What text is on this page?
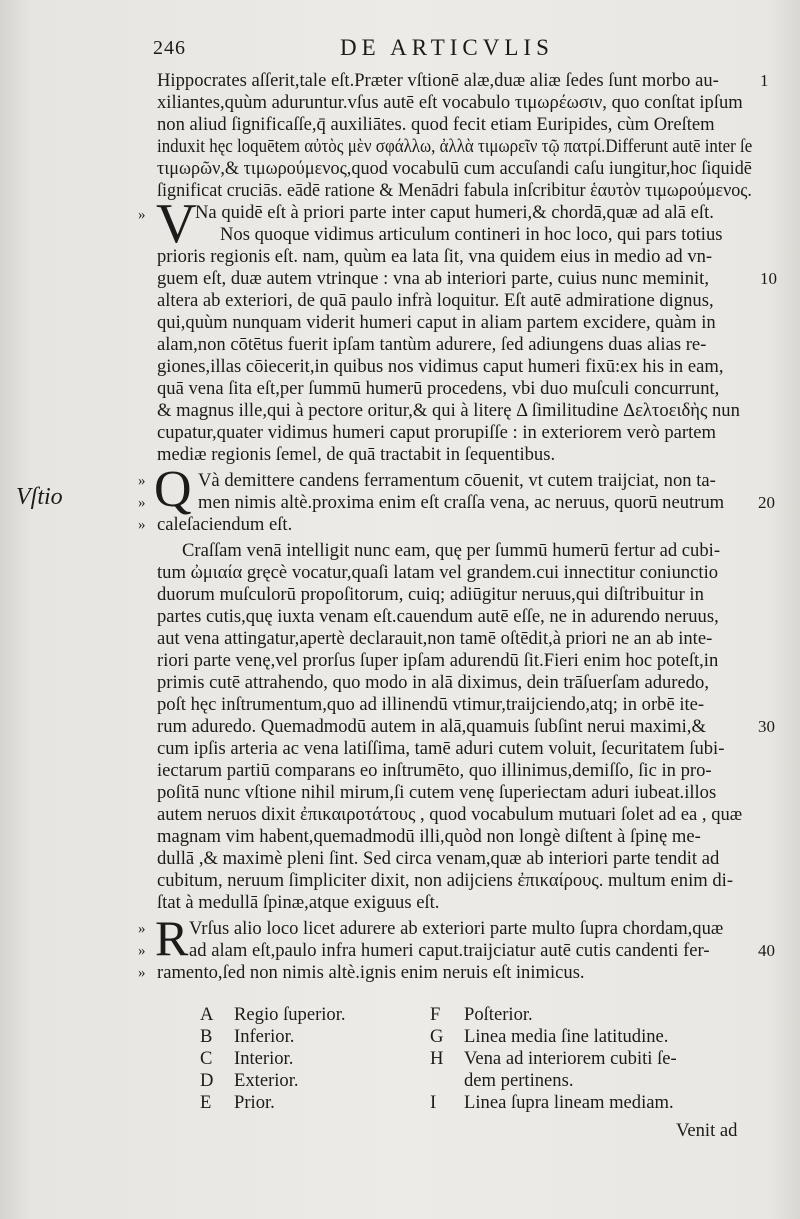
246	DE ARTICVLIS
Vſtio
Hippocrates aſſerit,tale eſt.Præter vſtionē alæ,duæ aliæ ſedes ſunt morbo au-
xiliantes,quùm aduruntur.vſus autē eſt vocabulo τιμωρέωσιν, quo conſtat ipſum
non aliud ſignificaſſe,q̄ auxiliātes. quod fecit etiam Euripides, cùm Oreſtem
induxit hęc loquētem αὐτὸς μὲν σφάλλω, ἀλλὰ τιμωρεῖν τῷ πατρί.Differunt autē inter ſe
τιμωρῶν,& τιμωρούμενος,quod vocabulū cum accuſandi caſu iungitur,hoc ſiquidē
ſignificat cruciās. eādē ratione & Menādri fabula inſcribitur ἑαυτὸν τιμωρούμενος.
» V
Na quidē eſt à priori parte inter caput humeri,& chordā,quæ ad alā eſt.
Nos quoque vidimus articulum contineri in hoc loco, qui pars totius
prioris regionis eſt. nam, quùm ea lata ſit, vna quidem eius in medio ad vn-
guem eſt, duæ autem vtrinque : vna ab interiori parte, cuius nunc meminit,
altera ab exteriori, de quā paulo infrà loquitur. Eſt autē admiratione dignus,
qui,quùm nunquam viderit humeri caput in aliam partem excidere, quàm in
alam,non cōtētus fuerit ipſam tantùm adurere, ſed adiungens duas alias re-
giones,illas cōiecerit,in quibus nos vidimus caput humeri fixū:ex his in eam,
quā vena ſita eſt,per ſummū humerū procedens, vbi duo muſculi concurrunt,
& magnus ille,qui à pectore oritur,& qui à literę Δ ſimilitudine Δελτοειδὴς nun
cupatur,quater vidimus humeri caput prorupiſſe : in exteriorem verò partem
mediæ regionis ſemel, de quā tractabit in ſequentibus.
»
»
»
Q Và demittere candens ferramentum cōuenit, vt cutem traijciat, non ta-
men nimis altè.proxima enim eſt craſſa vena, ac neruus, quorū neutrum
caleſaciendum eſt.
Craſſam venā intelligit nunc eam, quę per ſummū humerū fertur ad cubi-
tum ὠμιαία gręcè vocatur,quaſi latam vel grandem.cui innectitur coniunctio
duorum muſculorū propoſitorum, cuiq; adiūgitur neruus,qui diſtribuitur in
partes cutis,quę iuxta venam eſt.cauendum autē eſſe, ne in adurendo neruus,
aut vena attingatur,apertè declarauit,non tamē oſtēdit,à priori ne an ab inte-
riori parte venę,vel prorſus ſuper ipſam adurendū ſit.Fieri enim hoc poteſt,in
primis cutē attrahendo, quo modo in alā diximus, dein trāſuerſam aduredo,
poſt hęc inſtrumentum,quo ad illinendū vtimur,traijciendo,atq; in orbē ite-
rum aduredo. Quemadmodū autem in alā,quamuis ſubſint nerui maximi,&
cum ipſis arteria ac vena latiſſima, tamē aduri cutem voluit, ſecuritatem ſubi-
iectarum partiū comparans eo inſtrumēto, quo illinimus,demiſſo, ſic in pro-
poſitā nunc vſtione nihil mirum,ſi cutem venę ſuperiectam aduri iubeat.illos
autem neruos dixit ἐπικαιροτάτους , quod vocabulum mutuari ſolet ad ea , quæ
magnam vim habent,quemadmodū illi,quòd non longè diſtent à ſpinę me-
dullā ,& maximè pleni ſint. Sed circa venam,quæ ab interiori parte tendit ad
cubitum, neruum ſimpliciter dixit, non adijciens ἐπικαίρους. multum enim di-
ſtat à medullā ſpinæ,atque exiguus eſt.
»
»
»
R Vrſus alio loco licet adurere ab exteriori parte multo ſupra chordam,quæ
ad alam eſt,paulo infra humeri caput.traijciatur autē cutis candenti fer-
ramento,ſed non nimis altè.ignis enim neruis eſt inimicus.
1
10
20
30
40
A Regio ſuperior.
B Inferior.
C Interior.
D Exterior.
E Prior.
F Poſterior.
G Linea media ſine latitudine.
H Vena ad interiorem cubiti ſe-
dem pertinens.
I Linea ſupra lineam mediam.
Venit ad
